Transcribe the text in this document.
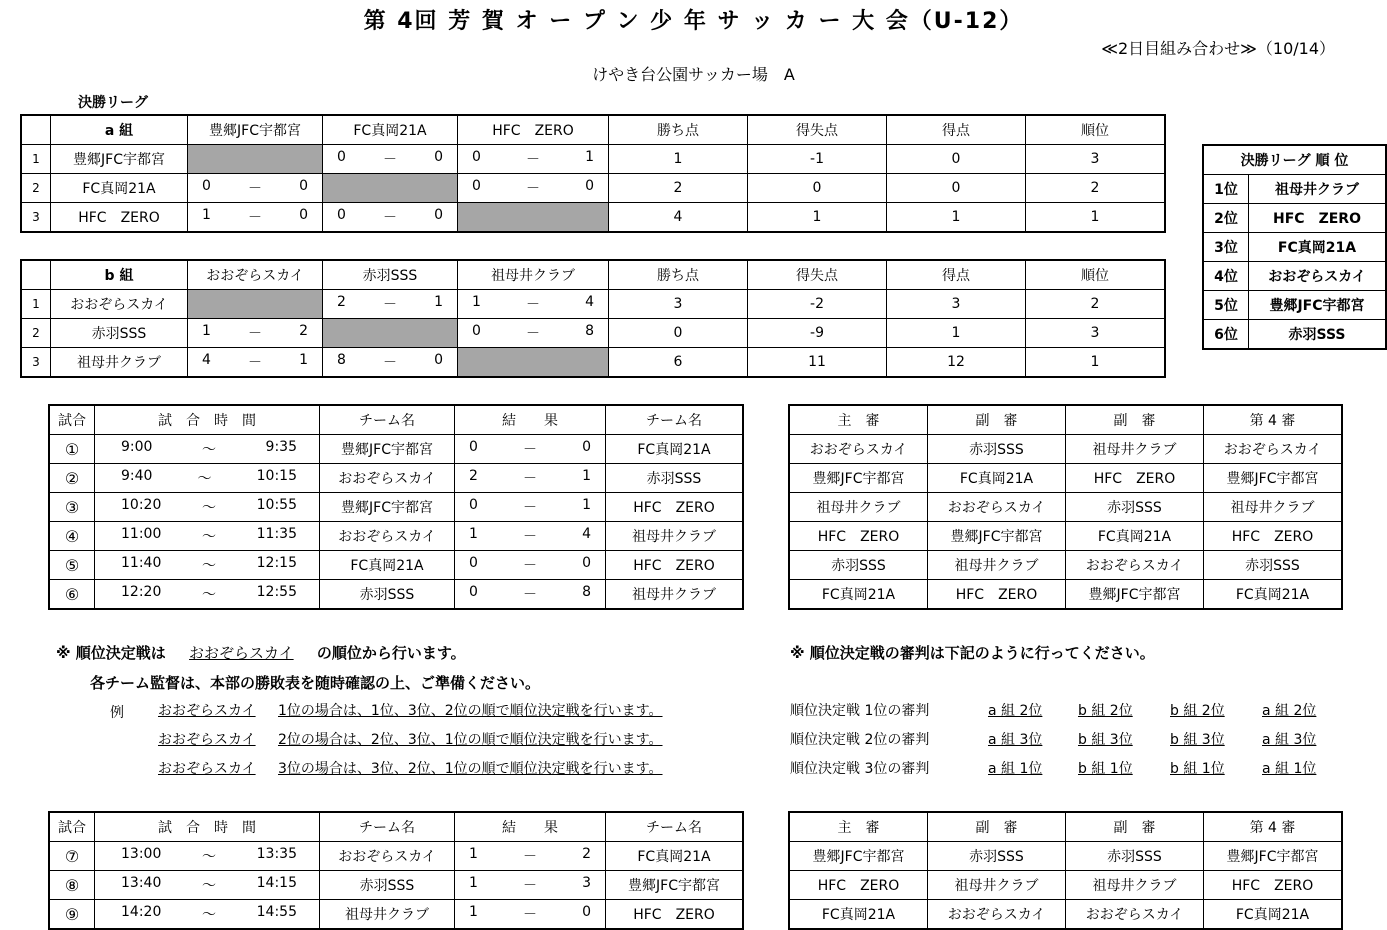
第 4回 芳 賀 オ ー プ ン 少 年 サ ッ カ ー 大 会（U-12）
≪2日目組み合わせ≫（10/14）
けやき台公園サッカー場　A
決勝リーグ
	a 組	豊郷JFC宇都宮	FC真岡21A	HFC　ZERO	勝ち点	得失点	得点	順位
1	豊郷JFC宇都宮		0 － 0	0 － 1	1	-1	0	3
2	FC真岡21A	0 － 0		0 － 0	2	0	0	2
3	HFC　ZERO	1 － 0	0 － 0		4	1	1	1
	b 組	おおぞらスカイ	赤羽SSS	祖母井クラブ	勝ち点	得失点	得点	順位
1	おおぞらスカイ		2 － 1	1 － 4	3	-2	3	2
2	赤羽SSS	1 － 2		0 － 8	0	-9	1	3
3	祖母井クラブ	4 － 1	8 － 0		6	11	12	1
決勝リーグ 順 位	
1位	祖母井クラブ
2位	HFC　ZERO
3位	FC真岡21A
4位	おおぞらスカイ
5位	豊郷JFC宇都宮
6位	赤羽SSS
試合	試　合　時　間	チーム名	結　　果	チーム名
①	9:00 ～ 9:35	豊郷JFC宇都宮	0 － 0	FC真岡21A
②	9:40 ～ 10:15	おおぞらスカイ	2 － 1	赤羽SSS
③	10:20 ～ 10:55	豊郷JFC宇都宮	0 － 1	HFC　ZERO
④	11:00 ～ 11:35	おおぞらスカイ	1 － 4	祖母井クラブ
⑤	11:40 ～ 12:15	FC真岡21A	0 － 0	HFC　ZERO
⑥	12:20 ～ 12:55	赤羽SSS	0 － 8	祖母井クラブ
主　審	副　審	副　審	第 4 審
おおぞらスカイ	赤羽SSS	祖母井クラブ	おおぞらスカイ
豊郷JFC宇都宮	FC真岡21A	HFC　ZERO	豊郷JFC宇都宮
祖母井クラブ	おおぞらスカイ	赤羽SSS	祖母井クラブ
HFC　ZERO	豊郷JFC宇都宮	FC真岡21A	HFC　ZERO
赤羽SSS	祖母井クラブ	おおぞらスカイ	赤羽SSS
FC真岡21A	HFC　ZERO	豊郷JFC宇都宮	FC真岡21A
試合	試　合　時　間	チーム名	結　　果	チーム名
⑦	13:00 ～ 13:35	おおぞらスカイ	1 － 2	FC真岡21A
⑧	13:40 ～ 14:15	赤羽SSS	1 － 3	豊郷JFC宇都宮
⑨	14:20 ～ 14:55	祖母井クラブ	1 － 0	HFC　ZERO
主　審	副　審	副　審	第 4 審
豊郷JFC宇都宮	赤羽SSS	赤羽SSS	豊郷JFC宇都宮
HFC　ZERO	祖母井クラブ	祖母井クラブ	HFC　ZERO
FC真岡21A	おおぞらスカイ	おおぞらスカイ	FC真岡21A
※ 順位決定戦は おおぞらスカイ の順位から行います。
各チーム監督は、本部の勝敗表を随時確認の上、ご準備ください。
例 おおぞらスカイ 1位の場合は、1位、3位、2位の順で順位決定戦を行います。
おおぞらスカイ 2位の場合は、2位、3位、1位の順で順位決定戦を行います。
おおぞらスカイ 3位の場合は、3位、2位、1位の順で順位決定戦を行います。
※ 順位決定戦の審判は下記のように行ってください。
順位決定戦 1位の審判	a 組 2位	b 組 2位	b 組 2位	a 組 2位
順位決定戦 2位の審判	a 組 3位	b 組 3位	b 組 3位	a 組 3位
順位決定戦 3位の審判	a 組 1位	b 組 1位	b 組 1位	a 組 1位
